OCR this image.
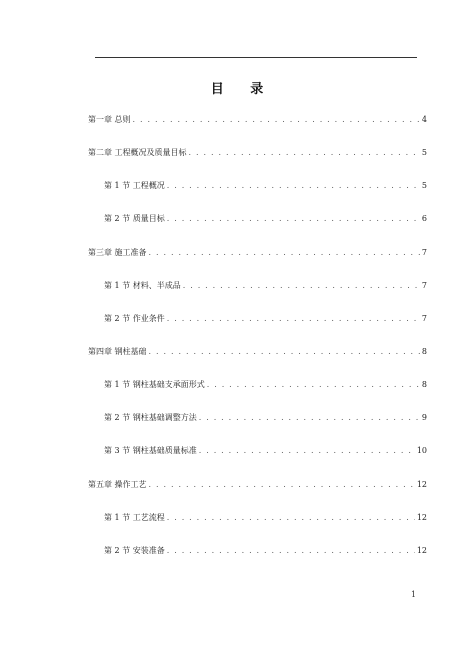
目 录
第一章 总则 . . .	4
第二章 工程概况及质量目标 . . .	5
第 1 节 工程概况 . . .	5
第 2 节 质量目标 . . .	6
第三章 施工准备 . . .	7
第 1 节 材料、半成品 . . .	7
第 2 节 作业条件 . . .	7
第四章 钢柱基础 . . .	8
第 1 节 钢柱基础支承面形式 . . .	8
第 2 节 钢柱基础调整方法 . . .	9
第 3 节 钢柱基础质量标准 . . .	10
第五章 操作工艺 . . .	12
第 1 节 工艺流程 . . .	12
第 2 节 安装准备 . . .	12
1
